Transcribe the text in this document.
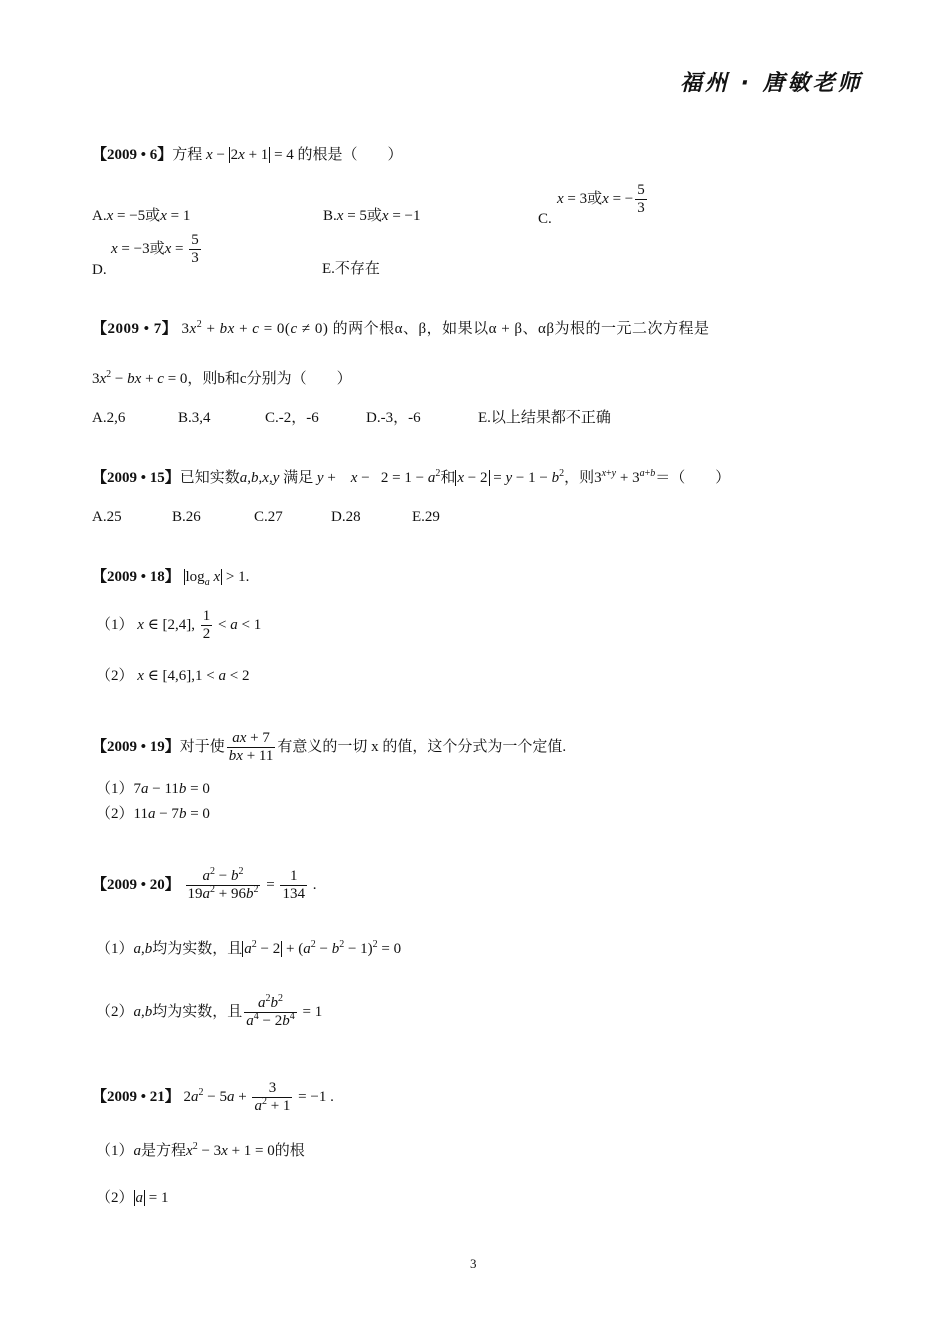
福州 · 唐敏老师
【2009 • 6】方程 x − 2x + 1 = 4 的根是（　　）
A.x = −5或x = 1	B.x = 5或x = −1	C.
x = 3或x = − $\frac{5}{3}$
D.
x = −3或$x = \frac{5}{3}$
E.不存在
【2009 • 7】 $3x^2$ + bx + c = 0(c ≠ 0) 的两个根α、β，如果以α + β、αβ为根的一元二次方程是
$3x^2$ − bx + c = 0，则b和c分别为（　　）
A.2,6	B.3,4	C.-2，-6	D.-3，-6	E.以上结果都不正确
【2009 • 15】已知实数a,b,x,y 满足 y +    $x - 2 = 1 - a^2$和 $x - 2 = y - 1 - b^2$，则$3^{x+y} + 3^{a+b}=$（　　）
A.25	B.26	C.27	D.28	E.29
【2009 • 18】 $\log_a x > 1$.
（1） x ∈ [2,4], $\frac{1}{2} < a < 1$
（2） x ∈ [4,6],1 < a < 2
【2009 • 19】对于使 $\frac{ax + 7}{bx + 11}$ 有意义的一切 x 的值，这个分式为一个定值.
（1）7a − 11b = 0
（2）11a − 7b = 0
【2009 • 20】 $\frac{a^2 - b^2}{19a^2 + 96b^2} = \frac{1}{134}$ .
（1）a,b均为实数，且 $a^2 - 2 + (a^2 - b^2 - 1)^2 = 0$
（2）a,b均为实数，且 $\frac{a^2b^2}{a^4 - 2b^4} = 1$
【2009 • 21】 $2a^2 - 5a + \frac{3}{a^2 + 1} = -1$ .
（1）a是方程$x^2 - 3x + 1 = 0$的根
（2） a = 1
3
